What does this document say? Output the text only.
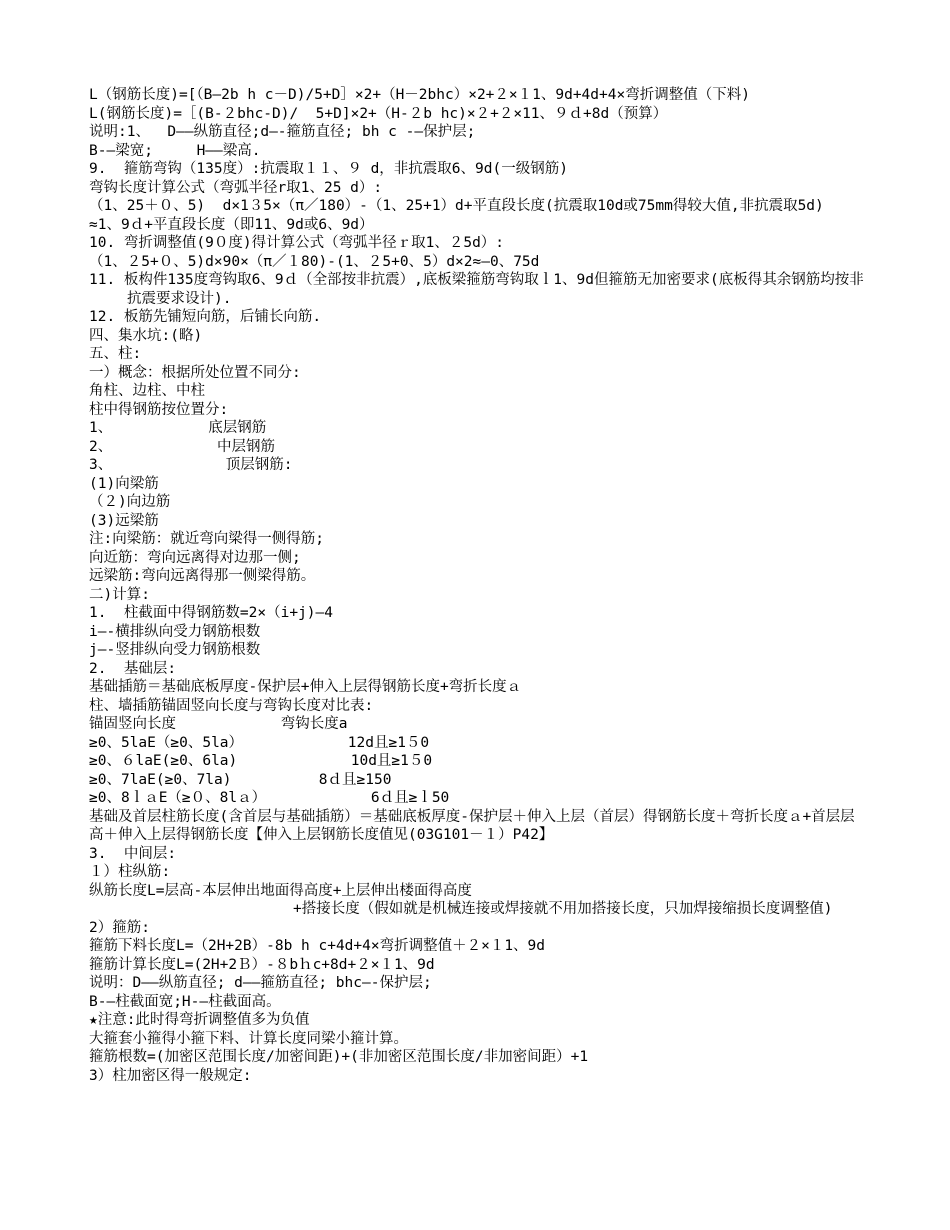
L（钢筋长度)=[（B—2b h c－D)/5+D］×2+（H－2bhc）×2+２×１1、9d+4d+4×弯折调整值（下料)
L(钢筋长度)=［(B-２bhc-D)/  5+D]×2+（H-２b hc)×２+２×11、９ｄ+8d（预算）
说明:1、  D——纵筋直径;d—-箍筋直径; bh c -—保护层;
B-—梁宽;     H——梁高.
9.  箍筋弯钩（135度）:抗震取１１、９ d，非抗震取6、9d(一级钢筋)
弯钩长度计算公式（弯弧半径r取1、25 d）:
（1、25＋０、5)  d×1３5×（π／180）-（1、25+1）d+平直段长度(抗震取10d或75mm得较大值,非抗震取5d)
≈1、9ｄ+平直段长度（即11、9d或6、9d）
10. 弯折调整值(9０度)得计算公式（弯弧半径ｒ取1、２5d）:
（1、２5+０、5)d×90×（π／１80)-(1、２5+0、5）d×2≈—0、75d
11. 板构件135度弯钩取6、9ｄ（全部按非抗震）,底板梁箍筋弯钩取ｌ1、9d但箍筋无加密要求(底板得其余钢筋均按非抗震要求设计).
12. 板筋先铺短向筋，后铺长向筋.
四、集水坑:(略)
五、柱:
一）概念：根据所处位置不同分:
角柱、边柱、中柱
柱中得钢筋按位置分:
1、           底层钢筋
2、            中层钢筋
3、             顶层钢筋:
(1)向梁筋
（２)向边筋
(3)远梁筋
注:向梁筋：就近弯向梁得一侧得筋;
向近筋：弯向远离得对边那一侧;
远梁筋:弯向远离得那一侧梁得筋。
二)计算:
1.  柱截面中得钢筋数=2×（i+j)—4
i—-横排纵向受力钢筋根数
j—-竖排纵向受力钢筋根数
2.  基础层:
基础插筋＝基础底板厚度-保护层+伸入上层得钢筋长度+弯折长度ａ
柱、墙插筋锚固竖向长度与弯钩长度对比表:
锚固竖向长度            弯钩长度a
≥0、5laE（≥0、5la）            12d且≥1５0
≥0、６laE(≥0、6la)             10d且≥1５0
≥0、7laE(≥0、7la)          8ｄ且≥150
≥0、8ｌａE（≥０、8lａ）            6ｄ且≥ｌ50
基础及首层柱筋长度(含首层与基础插筋）＝基础底板厚度-保护层＋伸入上层（首层）得钢筋长度＋弯折长度ａ+首层层高＋伸入上层得钢筋长度【伸入上层钢筋长度值见(03G101－１）P42】
3.  中间层:
１）柱纵筋:
纵筋长度L=层高-本层伸出地面得高度+上层伸出楼面得高度
+搭接长度（假如就是机械连接或焊接就不用加搭接长度，只加焊接缩损长度调整值)
2）箍筋:
箍筋下料长度L=（2H+2B）-8b h c+4d+4×弯折调整值＋２×１1、9d
箍筋计算长度L=(2H+2Ｂ）-８bｈc+8d+２×１1、9d
说明：D——纵筋直径; d——箍筋直径; bhc—-保护层;
B-—柱截面宽;H-—柱截面高。
★注意:此时得弯折调整值多为负值
大箍套小箍得小箍下料、计算长度同梁小箍计算。
箍筋根数=(加密区范围长度/加密间距)+(非加密区范围长度/非加密间距）+1
3）柱加密区得一般规定:
